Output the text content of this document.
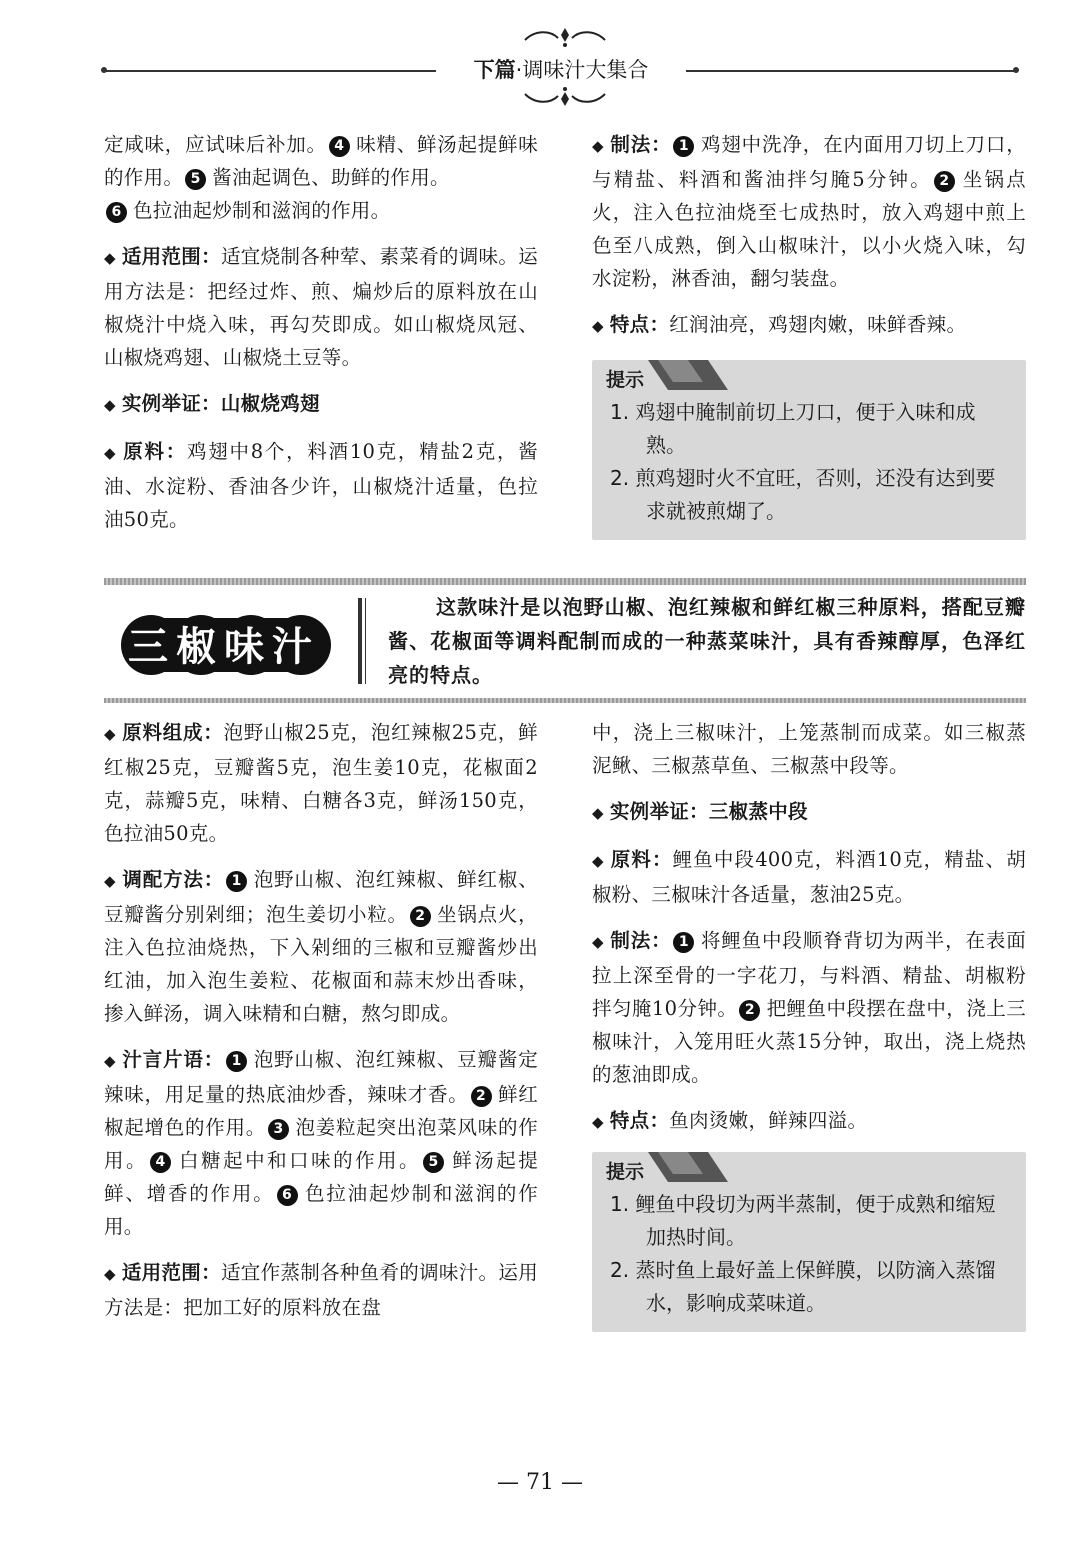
下篇·调味汁大集合

定咸味，应试味后补加。 4 味精、鲜汤起提鲜味的作用。 5 酱油起调色、助鲜的作用。
6 色拉油起炒制和滋润的作用。

◆ 适用范围：适宜烧制各种荤、素菜肴的调味。运用方法是：把经过炸、煎、煸炒后的原料放在山椒烧汁中烧入味，再勾芡即成。如山椒烧凤冠、山椒烧鸡翅、山椒烧土豆等。

◆ 实例举证：山椒烧鸡翅

◆ 原料：鸡翅中8个，料酒10克，精盐2克，酱油、水淀粉、香油各少许，山椒烧汁适量，色拉油50克。

◆ 制法： 1 鸡翅中洗净，在内面用刀切上刀口，与精盐、料酒和酱油拌匀腌5分钟。 2 坐锅点火，注入色拉油烧至七成热时，放入鸡翅中煎上色至八成熟，倒入山椒味汁，以小火烧入味，勾水淀粉，淋香油，翻匀装盘。

◆ 特点：红润油亮，鸡翅肉嫩，味鲜香辣。

提示
1. 鸡翅中腌制前切上刀口，便于入味和成熟。
2. 煎鸡翅时火不宜旺，否则，还没有达到要求就被煎煳了。
三椒味汁
这款味汁是以泡野山椒、泡红辣椒和鲜红椒三种原料，搭配豆瓣酱、花椒面等调料配制而成的一种蒸菜味汁，具有香辣醇厚，色泽红亮的特点。

◆ 原料组成：泡野山椒25克，泡红辣椒25克，鲜红椒25克，豆瓣酱5克，泡生姜10克，花椒面2克，蒜瓣5克，味精、白糖各3克，鲜汤150克，色拉油50克。

◆ 调配方法： 1 泡野山椒、泡红辣椒、鲜红椒、豆瓣酱分别剁细；泡生姜切小粒。 2 坐锅点火，注入色拉油烧热，下入剁细的三椒和豆瓣酱炒出红油，加入泡生姜粒、花椒面和蒜末炒出香味，掺入鲜汤，调入味精和白糖，熬匀即成。

◆ 汁言片语： 1 泡野山椒、泡红辣椒、豆瓣酱定辣味，用足量的热底油炒香，辣味才香。 2 鲜红椒起增色的作用。 3 泡姜粒起突出泡菜风味的作用。 4 白糖起中和口味的作用。 5 鲜汤起提鲜、增香的作用。 6 色拉油起炒制和滋润的作用。

◆ 适用范围：适宜作蒸制各种鱼肴的调味汁。运用方法是：把加工好的原料放在盘

中，浇上三椒味汁，上笼蒸制而成菜。如三椒蒸泥鳅、三椒蒸草鱼、三椒蒸中段等。

◆ 实例举证：三椒蒸中段

◆ 原料：鲤鱼中段400克，料酒10克，精盐、胡椒粉、三椒味汁各适量，葱油25克。

◆ 制法： 1 将鲤鱼中段顺脊背切为两半，在表面拉上深至骨的一字花刀，与料酒、精盐、胡椒粉拌匀腌10分钟。 2 把鲤鱼中段摆在盘中，浇上三椒味汁，入笼用旺火蒸15分钟，取出，浇上烧热的葱油即成。

◆ 特点：鱼肉烫嫩，鲜辣四溢。

提示
1. 鲤鱼中段切为两半蒸制，便于成熟和缩短加热时间。
2. 蒸时鱼上最好盖上保鲜膜，以防滴入蒸馏水，影响成菜味道。
— 71 —
